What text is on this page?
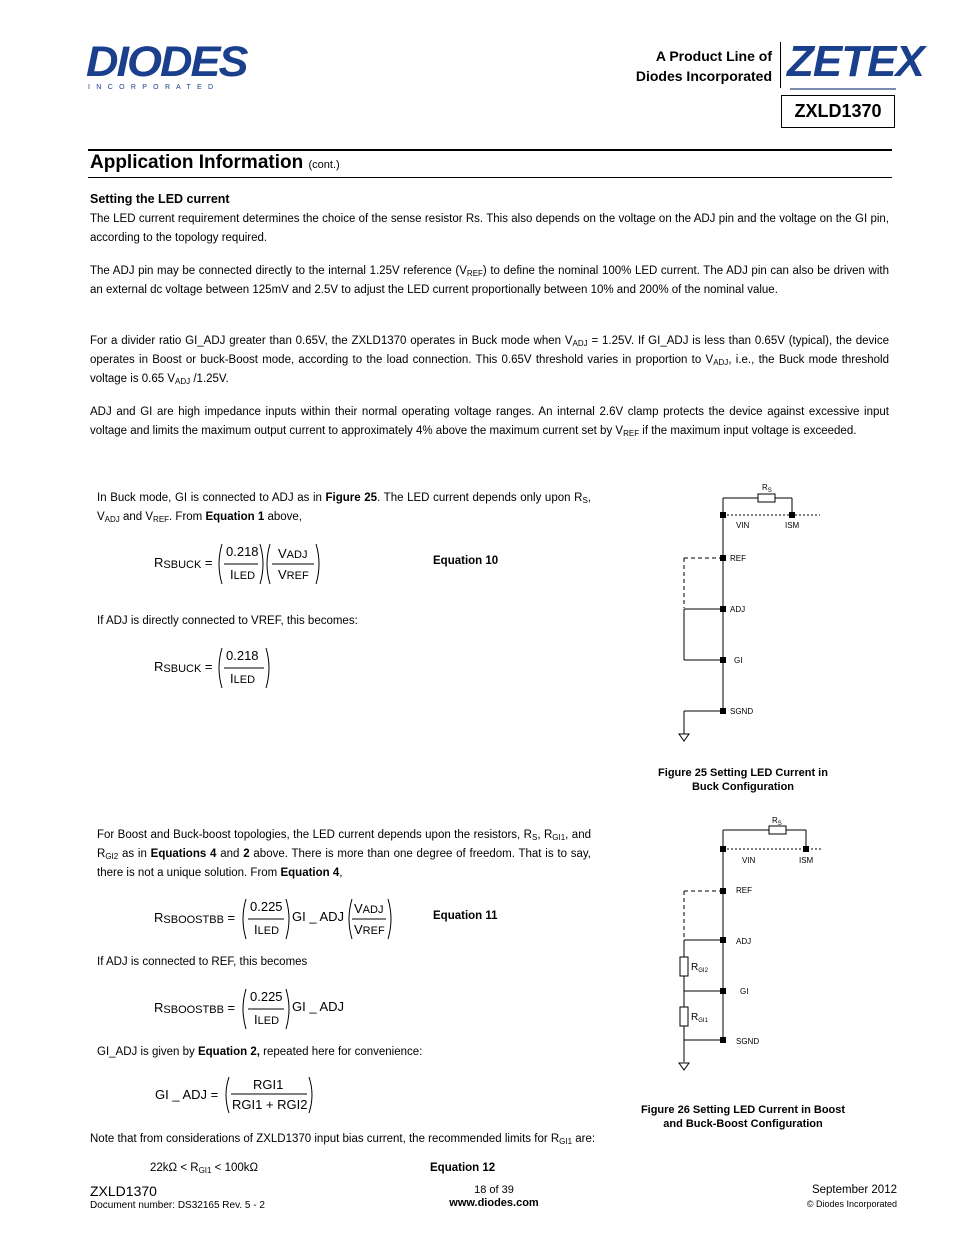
DIODES
I N C O R P O R A T E D
A Product Line of
Diodes Incorporated ZETEX
ZXLD1370
Application Information (cont.)
Setting the LED current
The LED current requirement determines the choice of the sense resistor Rs. This also depends on the voltage on the ADJ pin and the voltage on the GI pin, according to the topology required.
The ADJ pin may be connected directly to the internal 1.25V reference $(V_{REF})$ to define the nominal 100% LED current. The ADJ pin can also be driven with an external dc voltage between 125mV and 2.5V to adjust the LED current proportionally between 10% and 200% of the nominal value.
For a divider ratio GI_ADJ greater than 0.65V, the ZXLD1370 operates in Buck mode when $V_{ADJ} = 1.25V$. If GI_ADJ is less than 0.65V (typical), the device operates in Boost or buck-Boost mode, according to the load connection. This 0.65V threshold varies in proportion to $V_{ADJ}$, i.e., the Buck mode threshold voltage is 0.65 $V_{ADJ}$ /1.25V.
ADJ and GI are high impedance inputs within their normal operating voltage ranges. An internal 2.6V clamp protects the device against excessive input voltage and limits the maximum output current to approximately 4% above the maximum current set by $V_{REF}$ if the maximum input voltage is exceeded.
In Buck mode, GI is connected to ADJ as in Figure 25. The LED current depends only upon $R_S$, $V_{ADJ}$ and $V_{REF}$. From Equation 1 above,
$R_{SBUCK}$ =
0.218
ILED
VADJ
VREF
Equation 10
If ADJ is directly connected to VREF, this becomes:
$R_{SBUCK}$ =
0.218
ILED
$R_S$
VIN	ISM
REF
ADJ
GI
SGND
Figure 25 Setting LED Current in
Buck Configuration
For Boost and Buck-boost topologies, the LED current depends upon the resistors, $R_S$, $R_{GI1}$, and $R_{GI2}$ as in Equations 4 and 2 above. There is more than one degree of freedom. That is to say, there is not a unique solution. From Equation 4,
$R_{SBOOSTBB}$ =
0.225
ILED
GI _ ADJ
VADJ
VREF
Equation 11
If ADJ is connected to REF, this becomes
$R_{SBOOSTBB}$ =
0.225
ILED
GI _ ADJ
GI_ADJ is given by Equation 2, repeated here for convenience:
GI _ ADJ =
RGI1
RGI1 + RGI2
$R_S$
VIN	ISM
REF
ADJ
GI
SGND
$R_{GI2}$
$R_{GI1}$
Figure 26 Setting LED Current in Boost
and Buck-Boost Configuration
Note that from considerations of ZXLD1370 input bias current, the recommended limits for $R_{GI1}$ are:
$22k\Omega < R_{GI1} < 100k\Omega$	Equation 12
ZXLD1370
Document number: DS32165 Rev. 5 - 2
18 of 39
www.diodes.com
September 2012
© Diodes Incorporated
